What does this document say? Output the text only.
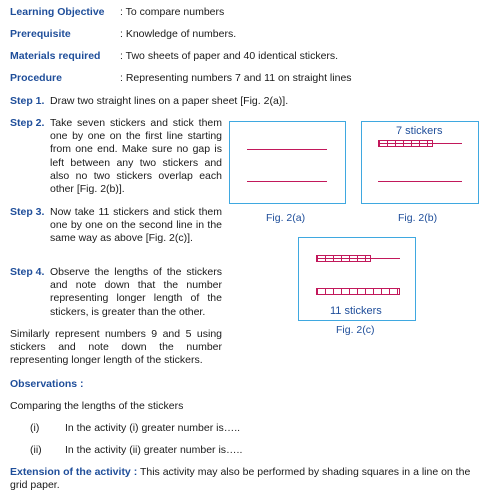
Learning Objective : To compare numbers
Prerequisite	: Knowledge of numbers.
Materials required : Two sheets of paper and 40 identical stickers.
Procedure	: Representing numbers 7 and 11 on straight lines
Step 1. Draw two straight lines on a paper sheet [Fig. 2(a)].
Step 2. Take seven stickers and stick them one by one on the first line starting from one end. Make sure no gap is left between any two stickers and also no two stickers overlap each other [Fig. 2(b)].
Step 3. Now take 11 stickers and stick them one by one on the second line in the same way as above [Fig. 2(c)].
Step 4. Observe the lengths of the stickers and note down that the number representing longer length of the stickers, is greater than the other.
Similarly represent numbers 9 and 5 using stickers and note down the number representing longer length of the stickers.
Fig. 2(a)
7 stickers
Fig. 2(b)
11 stickers
Fig. 2(c)
Observations :
Comparing the lengths of the stickers
(i) In the activity (i) greater number is…..
(ii) In the activity (ii) greater number is…..
Extension of the activity : This activity may also be performed by shading squares in a line on the grid paper.
